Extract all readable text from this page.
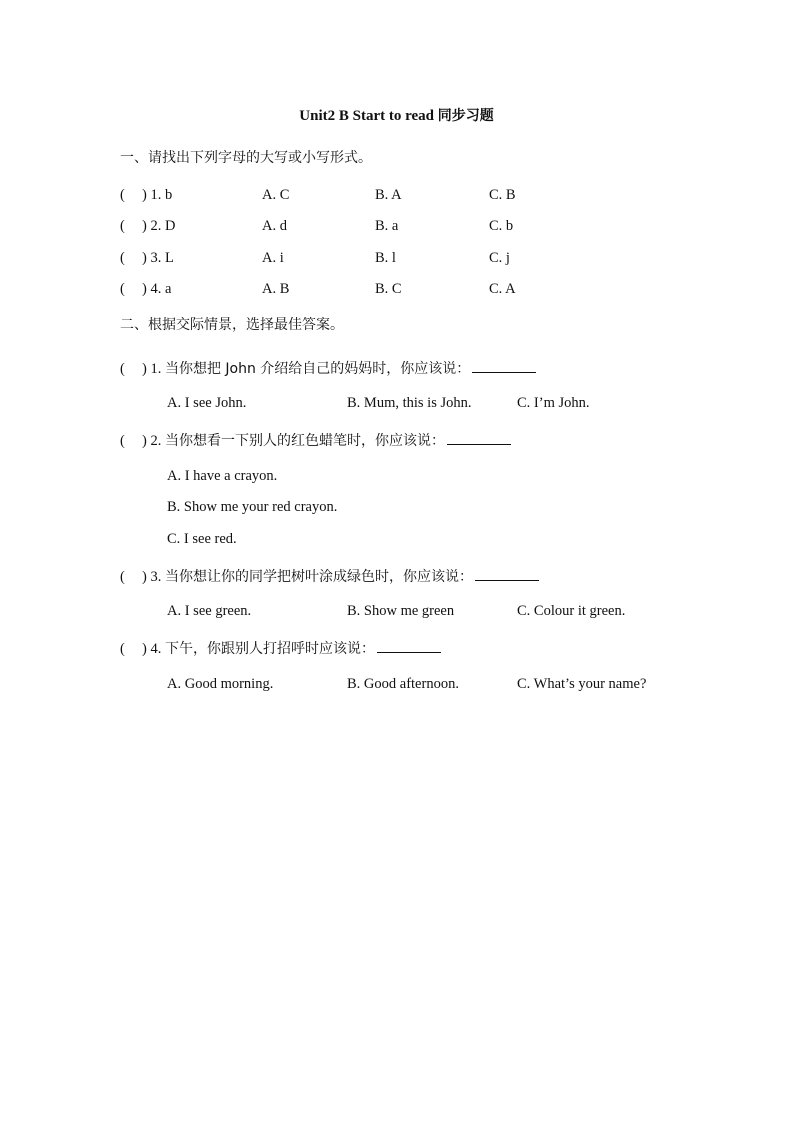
Unit2 B Start to read 同步习题
一、请找出下列字母的大写或小写形式。
( ) 1. b	A. C	B. A	C. B
( ) 2. D	A. d	B. a	C. b
( ) 3. L	A. i	B. l	C. j
( ) 4. a	A. B	B. C	C. A
二、根据交际情景，选择最佳答案。
( ) 1. 当你想把 John 介绍给自己的妈妈时，你应该说：
A. I see John.	B. Mum, this is John.	C. I’m John.
( ) 2. 当你想看一下别人的红色蜡笔时，你应该说：
A. I have a crayon.
B. Show me your red crayon.
C. I see red.
( ) 3. 当你想让你的同学把树叶涂成绿色时，你应该说：
A. I see green.	B. Show me green	C. Colour it green.
( ) 4. 下午，你跟别人打招呼时应该说：
A. Good morning.	B. Good afternoon.	C. What’s your name?
